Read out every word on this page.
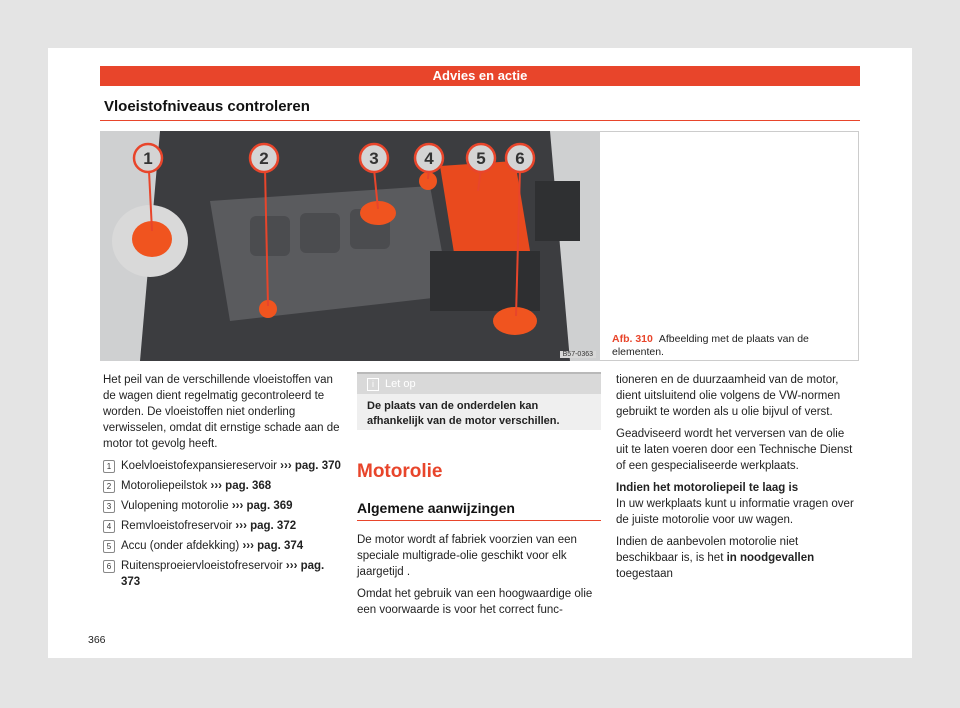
Advies en actie
Vloeistofniveaus controleren
1	2	3	4	5 6
B57-0363
Afb. 310 Afbeelding met de plaats van de elementen.

Het peil van de verschillende vloeistoffen van de wagen dient regelmatig gecontroleerd te worden. De vloeistoffen niet onderling verwisselen, omdat dit ernstige schade aan de motor tot gevolg heeft.

1 Koelvloeistofexpansiereservoir ››› pag. 370
2 Motoroliepeilstok ››› pag. 368
3 Vulopening motorolie ››› pag. 369
4 Remvloeistofreservoir ››› pag. 372
5 Accu (onder afdekking) ››› pag. 374
6 Ruitensproeiervloeistofreservoir ››› pag. 373
i	Let op
De plaats van de onderdelen kan afhankelijk van de motor verschillen.
Motorolie
Algemene aanwijzingen

De motor wordt af fabriek voorzien van een speciale multigrade-olie geschikt voor elk jaargetijd .

Omdat het gebruik van een hoogwaardige olie een voorwaarde is voor het correct func-

tioneren en de duurzaamheid van de motor, dient uitsluitend olie volgens de VW-normen gebruikt te worden als u olie bijvul of verst.

Geadviseerd wordt het verversen van de olie uit te laten voeren door een Technische Dienst of een gespecialiseerde werkplaats.

Indien het motoroliepeil te laag is

In uw werkplaats kunt u informatie vragen over de juiste motorolie voor uw wagen.

Indien de aanbevolen motorolie niet beschikbaar is, is het in noodgevallen toegestaan

366
